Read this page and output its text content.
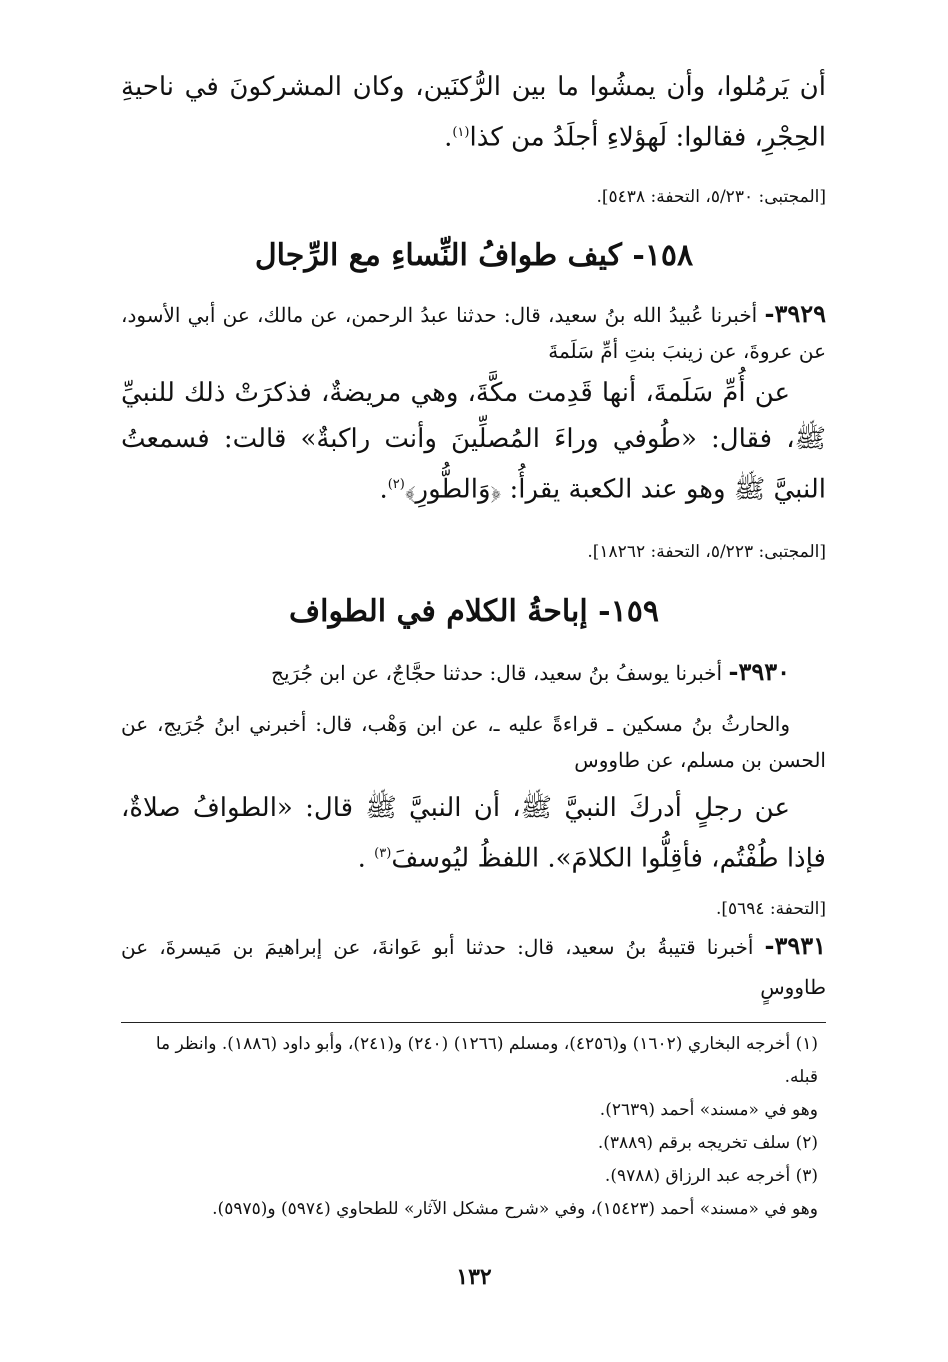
أن يَرمُلوا، وأن يمشُوا ما بين الرُّكنَين، وكان المشركونَ في ناحيةِ الحِجْرِ، فقالوا: لَهؤلاءِ أجلَدُ من كذا$^{(١)}$.
[المجتبى: ٥/٢٣٠، التحفة: ٥٤٣٨].
١٥٨- كيف طوافُ النِّساءِ مع الرِّجال
٣٩٢٩- أخبرنا عُبيدُ الله بنُ سعيد، قال: حدثنا عبدُ الرحمن، عن مالك، عن أبي الأسود، عن عروةَ، عن زينبَ بنتِ أمِّ سَلَمةَ
عن أُمِّ سَلَمةَ، أنها قَدِمت مكَّةَ، وهي مريضةٌ، فذكرَتْ ذلك للنبيِّ ﷺ، فقال: «طُوفي وراءَ المُصلِّينَ وأنت راكبةٌ» قالت: فسمعتُ النبيَّ ﷺ وهو عند الكعبة يقرأُ: ﴿وَالطُّورِ﴾$^{(٢)}$.
[المجتبى: ٥/٢٢٣، التحفة: ١٨٢٦٢].
١٥٩- إباحةُ الكلام في الطواف
٣٩٣٠- أخبرنا يوسفُ بنُ سعيد، قال: حدثنا حجَّاجٌ، عن ابن جُرَيج
والحارثُ بنُ مسكين ـ قراءةً عليه ـ، عن ابن وَهْب، قال: أخبرني ابنُ جُرَيج، عن الحسن بن مسلم، عن طاووس
عن رجلٍ أدركَ النبيَّ ﷺ، أن النبيَّ ﷺ قال: «الطوافُ صلاةٌ، فإذا طُفْتُم، فأقِلُّوا الكلامَ». اللفظُ ليُوسفَ$^{(٣)}$ .
[التحفة: ٥٦٩٤].
٣٩٣١- أخبرنا قتيبةُ بنُ سعيد، قال: حدثنا أبو عَوانةَ، عن إبراهيمَ بن مَيسرةَ، عن طاووسٍ
(١) أخرجه البخاري (١٦٠٢) و(٤٢٥٦)، ومسلم (١٢٦٦) (٢٤٠) و(٢٤١)، وأبو داود (١٨٨٦). وانظر ما قبله.
وهو في «مسند» أحمد (٢٦٣٩).
(٢) سلف تخريجه برقم (٣٨٨٩).
(٣) أخرجه عبد الرزاق (٩٧٨٨).
وهو في «مسند» أحمد (١٥٤٢٣)، وفي «شرح مشكل الآثار» للطحاوي (٥٩٧٤) و(٥٩٧٥).
١٣٢
